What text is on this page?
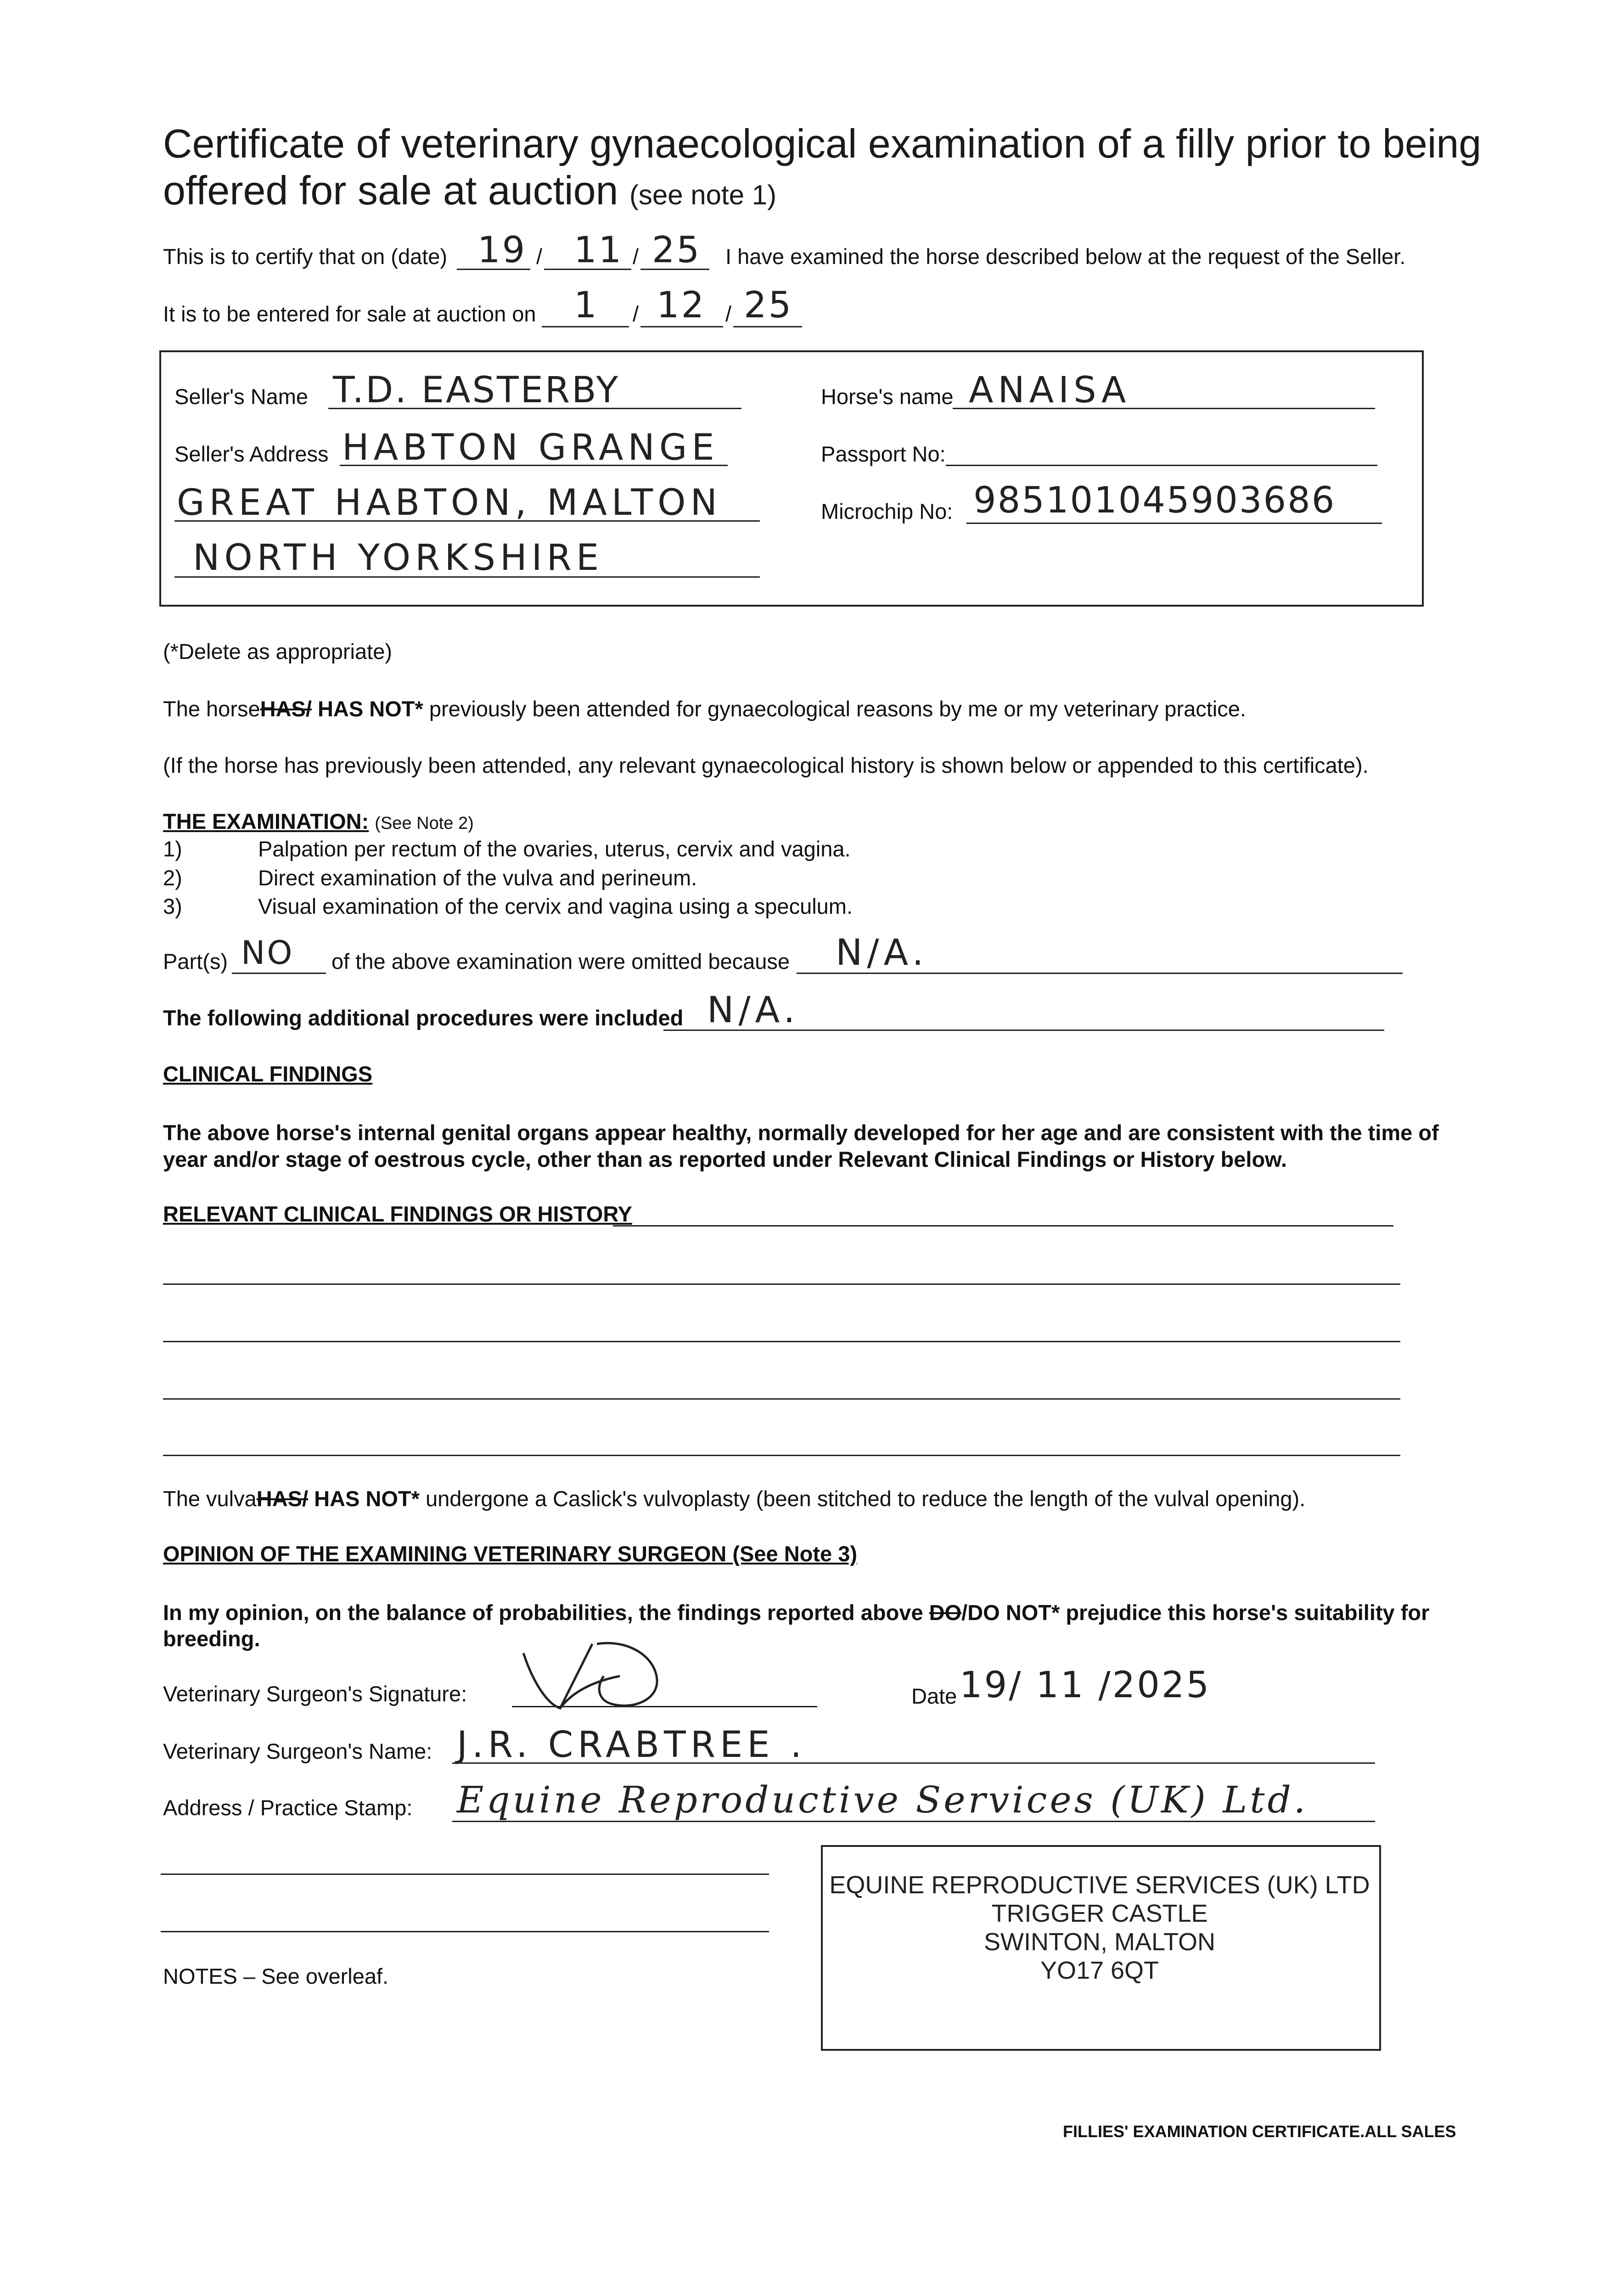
Certificate of veterinary gynaecological examination of a filly prior to being offered for sale at auction (see note 1)
This is to certify that on (date) 19 / 11 / 25 I have examined the horse described below at the request of the Seller.
It is to be entered for sale at auction on 1 / 12 / 25
Seller's Name T.D. EASTERBY
Seller's Address HABTON GRANGE
GREAT HABTON, MALTON
NORTH YORKSHIRE
Horse's name ANAISA
Passport No:
Microchip No: 985101045903686
(*Delete as appropriate)
The horseHAS/ HAS NOT* previously been attended for gynaecological reasons by me or my veterinary practice.
(If the horse has previously been attended, any relevant gynaecological history is shown below or appended to this certificate).
THE EXAMINATION: (See Note 2)
1)	Palpation per rectum of the ovaries, uterus, cervix and vagina.
2)	Direct examination of the vulva and perineum.
3)	Visual examination of the cervix and vagina using a speculum.
Part(s) NO of the above examination were omitted because N/A.
The following additional procedures were included N/A.
CLINICAL FINDINGS
The above horse's internal genital organs appear healthy, normally developed for her age and are consistent with the time of year and/or stage of oestrous cycle, other than as reported under Relevant Clinical Findings or History below.
RELEVANT CLINICAL FINDINGS OR HISTORY
The vulvaHAS/ HAS NOT* undergone a Caslick's vulvoplasty (been stitched to reduce the length of the vulval opening).
OPINION OF THE EXAMINING VETERINARY SURGEON (See Note 3)
In my opinion, on the balance of probabilities, the findings reported above DO/DO NOT* prejudice this horse's suitability for
breeding.
Veterinary Surgeon's Signature:	Date 19/ 11 /2025
Veterinary Surgeon's Name: J.R. CRABTREE .
Address / Practice Stamp: Equine Reproductive Services (UK) Ltd.
EQUINE REPRODUCTIVE SERVICES (UK) LTD
TRIGGER CASTLE
SWINTON, MALTON
YO17 6QT
NOTES – See overleaf.
FILLIES' EXAMINATION CERTIFICATE.ALL SALES
